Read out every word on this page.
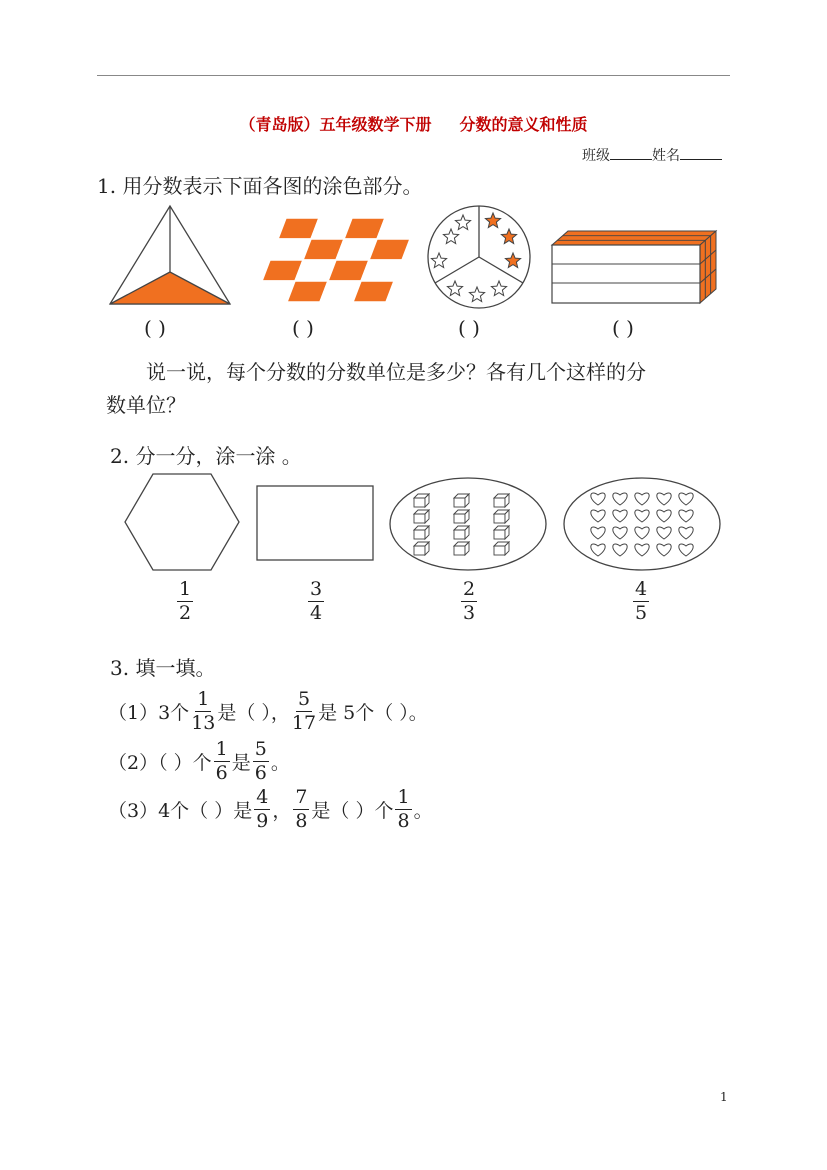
（青岛版）五年级数学下册 分数的意义和性质
班级	姓名
1. 用分数表示下面各图的涂色部分。
( )	( )	( )	( )
说一说，每个分数的分数单位是多少？各有几个这样的分
数单位？
2. 分一分，涂一涂 。
$\frac{1}{2}$	$\frac{3}{4}$	$\frac{2}{3}$	$\frac{4}{5}$
3. 填一填。
（1）3个 $\frac{1}{13}$ 是（ ）， $\frac{5}{17}$ 是 5个（ ）。
（2）（ ）个 $\frac{1}{6}$ 是 $\frac{5}{6}$ 。
（3）4个（ ）是 $\frac{4}{9}$ ， $\frac{7}{8}$ 是（ ）个 $\frac{1}{8}$ 。
1
